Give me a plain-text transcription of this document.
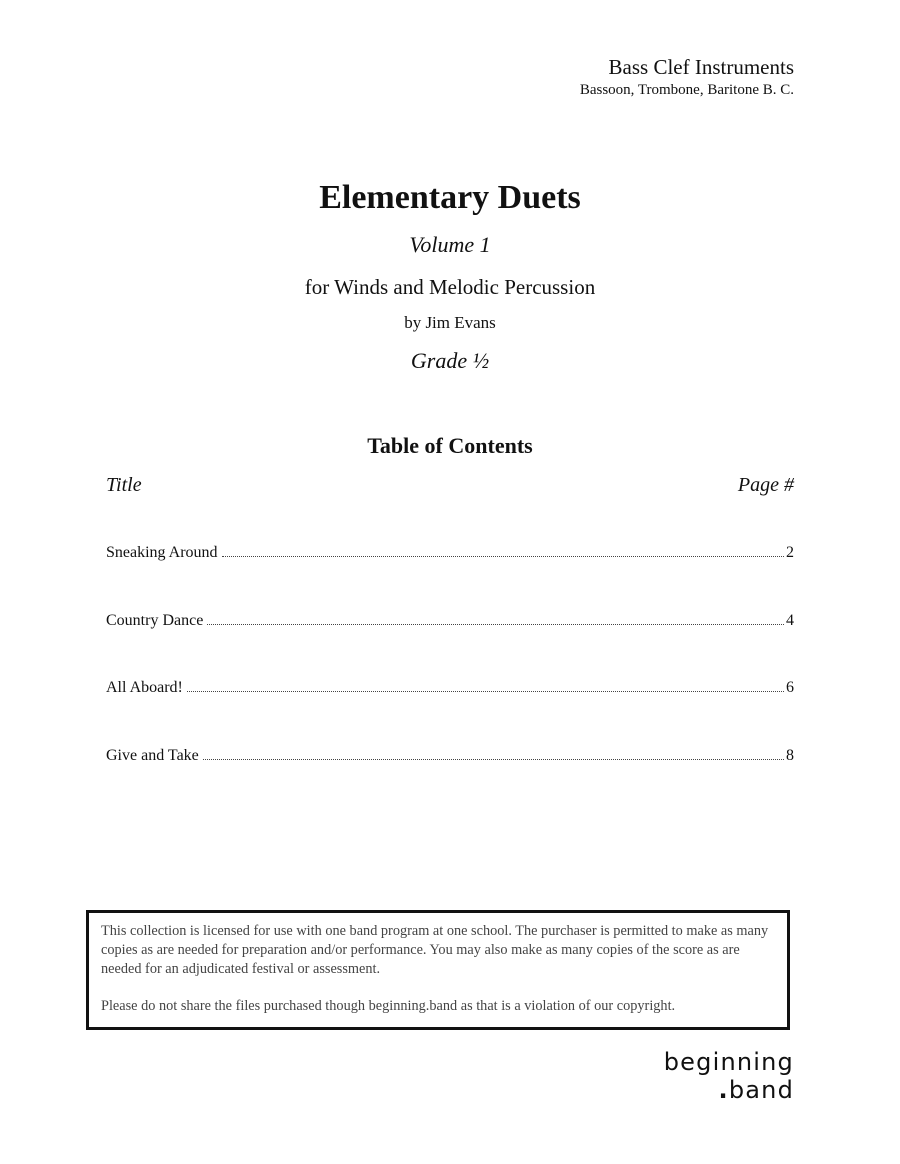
Bass Clef Instruments
Bassoon, Trombone, Baritone B. C.
Elementary Duets
Volume 1
for Winds and Melodic Percussion
by Jim Evans
Grade ½
Table of Contents
Title	Page #
Sneaking Around	2
Country Dance	4
All Aboard!	6
Give and Take	8

This collection is licensed for use with one band program at one school. The purchaser is permitted to make as many copies as are needed for preparation and/or performance. You may also make as many copies of the score as are needed for an adjudicated festival or assessment.

Please do not share the files purchased though beginning.band as that is a violation of our copyright.

beginning
.band
